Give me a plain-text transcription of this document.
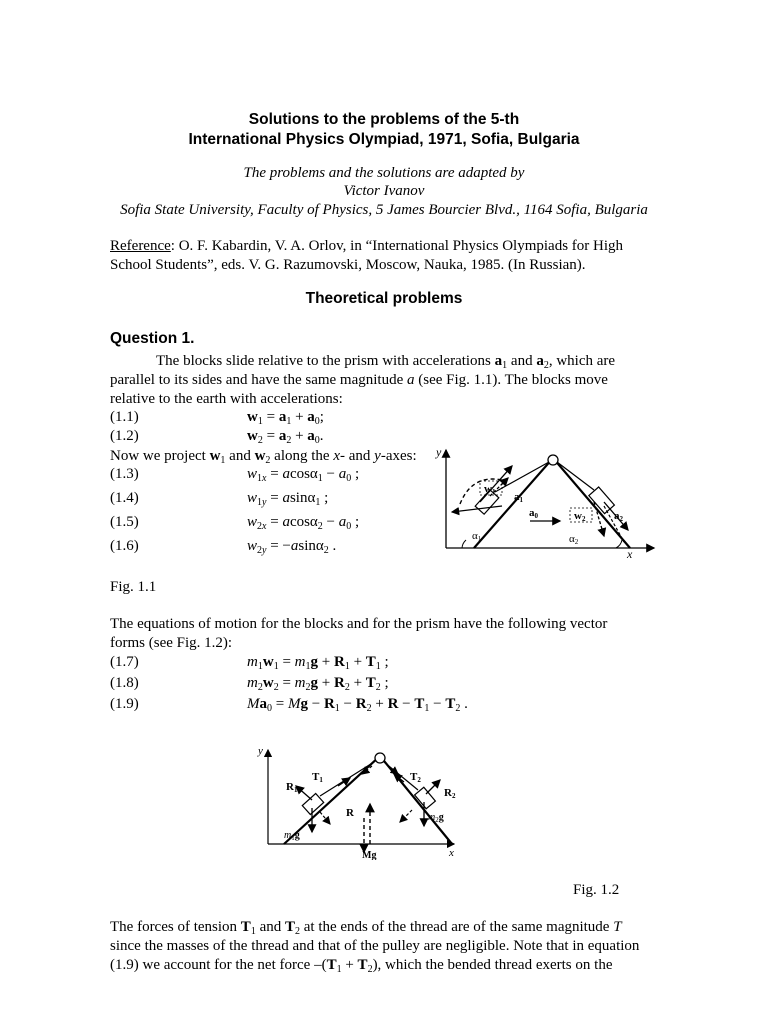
Solutions to the problems of the 5-th
International Physics Olympiad, 1971, Sofia, Bulgaria
The problems and the solutions are adapted by
Victor Ivanov
Sofia State University, Faculty of Physics, 5 James Bourcier Blvd., 1164 Sofia, Bulgaria
Reference: O. F. Kabardin, V. A. Orlov, in “International Physics Olympiads for High
School Students”, eds. V. G. Razumovski, Moscow, Nauka, 1985. (In Russian).
Theoretical problems
Question 1.
The blocks slide relative to the prism with accelerations $a_1$ and $a_2$, which are
parallel to its sides and have the same magnitude a (see Fig. 1.1). The blocks move
relative to the earth with accelerations:
(1.1)	$w_1 = a_1 + a_0$;
(1.2)	$w_2 = a_2 + a_0$.
Now we project $w_1$ and $w_2$ along the x- and y-axes:
(1.3)	$w_{1x} = acos\alpha_1 - a_0$ ;
(1.4)	$w_{1y} = asin\alpha_1$ ;
(1.5)	$w_{2x} = acos\alpha_2 - a_0$ ;
(1.6)	$w_{2y} = -asin\alpha_2$ .
y
x
w1 a1
a0	w2	a2
α1	α2
Fig. 1.1
The equations of motion for the blocks and for the prism have the following vector
forms (see Fig. 1.2):
(1.7)	$m_1w_1 = m_1g + R_1 + T_1$ ;
(1.8)	$m_2w_2 = m_2g + R_2 + T_2$ ;
(1.9)	$Ma_0 = Mg - R_1 - R_2 + R - T_1 - T_2$ .
y
x
R1
T1	T2
R2
R
$m_1g$
$m_2g$
Mg
Fig. 1.2
The forces of tension $T_1$ and $T_2$ at the ends of the thread are of the same magnitude T
since the masses of the thread and that of the pulley are negligible. Note that in equation
(1.9) we account for the net force $-(T_1 + T_2)$, which the bended thread exerts on the
